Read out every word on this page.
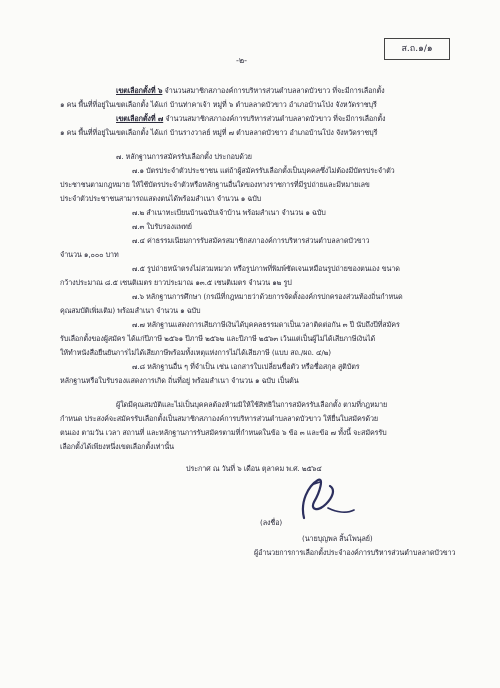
ส.ถ.๑/๑
-๒-
เขตเลือกตั้งที่ ๖ จำนวนสมาชิกสภาองค์การบริหารส่วนตำบลลาดบัวขาว ที่จะมีการเลือกตั้ง
๑ คน พื้นที่ที่อยู่ในเขตเลือกตั้ง ได้แก่ บ้านท่าคาเจ้า หมู่ที่ ๖ ตำบลลาดบัวขาว อำเภอบ้านโป่ง จังหวัดราชบุรี
เขตเลือกตั้งที่ ๗ จำนวนสมาชิกสภาองค์การบริหารส่วนตำบลลาดบัวขาว ที่จะมีการเลือกตั้ง
๑ คน พื้นที่ที่อยู่ในเขตเลือกตั้ง ได้แก่ บ้านรางวาลย์ หมู่ที่ ๗ ตำบลลาดบัวขาว อำเภอบ้านโป่ง จังหวัดราชบุรี
๗. หลักฐานการสมัครรับเลือกตั้ง ประกอบด้วย
๗.๑ บัตรประจำตัวประชาชน แต่ถ้าผู้สมัครรับเลือกตั้งเป็นบุคคลซึ่งไม่ต้องมีบัตรประจำตัว
ประชาชนตามกฎหมาย ให้ใช้บัตรประจำตัวหรือหลักฐานอื่นใดของทางราชการที่มีรูปถ่ายและมีหมายเลข
ประจำตัวประชาชนสามารถแสดงตนได้พร้อมสำเนา จำนวน ๑ ฉบับ
๗.๒ สำเนาทะเบียนบ้านฉบับเจ้าบ้าน พร้อมสำเนา จำนวน ๑ ฉบับ
๗.๓ ใบรับรองแพทย์
๗.๔ ค่าธรรมเนียมการรับสมัครสมาชิกสภาองค์การบริหารส่วนตำบลลาดบัวขาว
จำนวน ๑,๐๐๐ บาท
๗.๕ รูปถ่ายหน้าตรงไม่สวมหมวก หรือรูปภาพที่พิมพ์ชัดเจนเหมือนรูปถ่ายของตนเอง ขนาด
กว้างประมาณ ๘.๕ เซนติเมตร ยาวประมาณ ๑๓.๕ เซนติเมตร จำนวน ๑๒ รูป
๗.๖ หลักฐานการศึกษา (กรณีที่กฎหมายว่าด้วยการจัดตั้งองค์กรปกครองส่วนท้องถิ่นกำหนด
คุณสมบัติเพิ่มเติม) พร้อมสำเนา จำนวน ๑ ฉบับ
๗.๗ หลักฐานแสดงการเสียภาษีเงินได้บุคคลธรรมดาเป็นเวลาติดต่อกัน ๓ ปี นับถึงปีที่สมัคร
รับเลือกตั้งของผู้สมัคร ได้แก่ปีภาษี ๒๕๖๑ ปีภาษี ๒๕๖๒ และปีภาษี ๒๕๖๓ เว้นแต่เป็นผู้ไม่ได้เสียภาษีเงินได้
ให้ทำหนังสือยืนยันการไม่ได้เสียภาษีพร้อมทั้งเหตุแห่งการไม่ได้เสียภาษี (แบบ สถ./ผถ. ๔/๒)
๗.๘ หลักฐานอื่น ๆ ที่จำเป็น เช่น เอกสารใบเปลี่ยนชื่อตัว หรือชื่อสกุล สูติบัตร
หลักฐานหรือใบรับรองแสดงการเกิด ถิ่นที่อยู่ พร้อมสำเนา จำนวน ๑ ฉบับ เป็นต้น
ผู้ใดมีคุณสมบัติและไม่เป็นบุคคลต้องห้ามมิให้ใช้สิทธิในการสมัครรับเลือกตั้ง ตามที่กฎหมาย
กำหนด ประสงค์จะสมัครรับเลือกตั้งเป็นสมาชิกสภาองค์การบริหารส่วนตำบลลาดบัวขาว ให้ยื่นใบสมัครด้วย
ตนเอง ตามวัน เวลา สถานที่ และหลักฐานการรับสมัครตามที่กำหนดในข้อ ๖ ข้อ ๓ และข้อ ๗ ทั้งนี้ จะสมัครรับ
เลือกตั้งได้เพียงหนึ่งเขตเลือกตั้งเท่านั้น
ประกาศ ณ วันที่ ๖ เดือน ตุลาคม พ.ศ. ๒๕๖๔
(ลงชื่อ)
(นายบุญพล สิ้นโพนุลย์)
ผู้อำนวยการการเลือกตั้งประจำองค์การบริหารส่วนตำบลลาดบัวขาว
